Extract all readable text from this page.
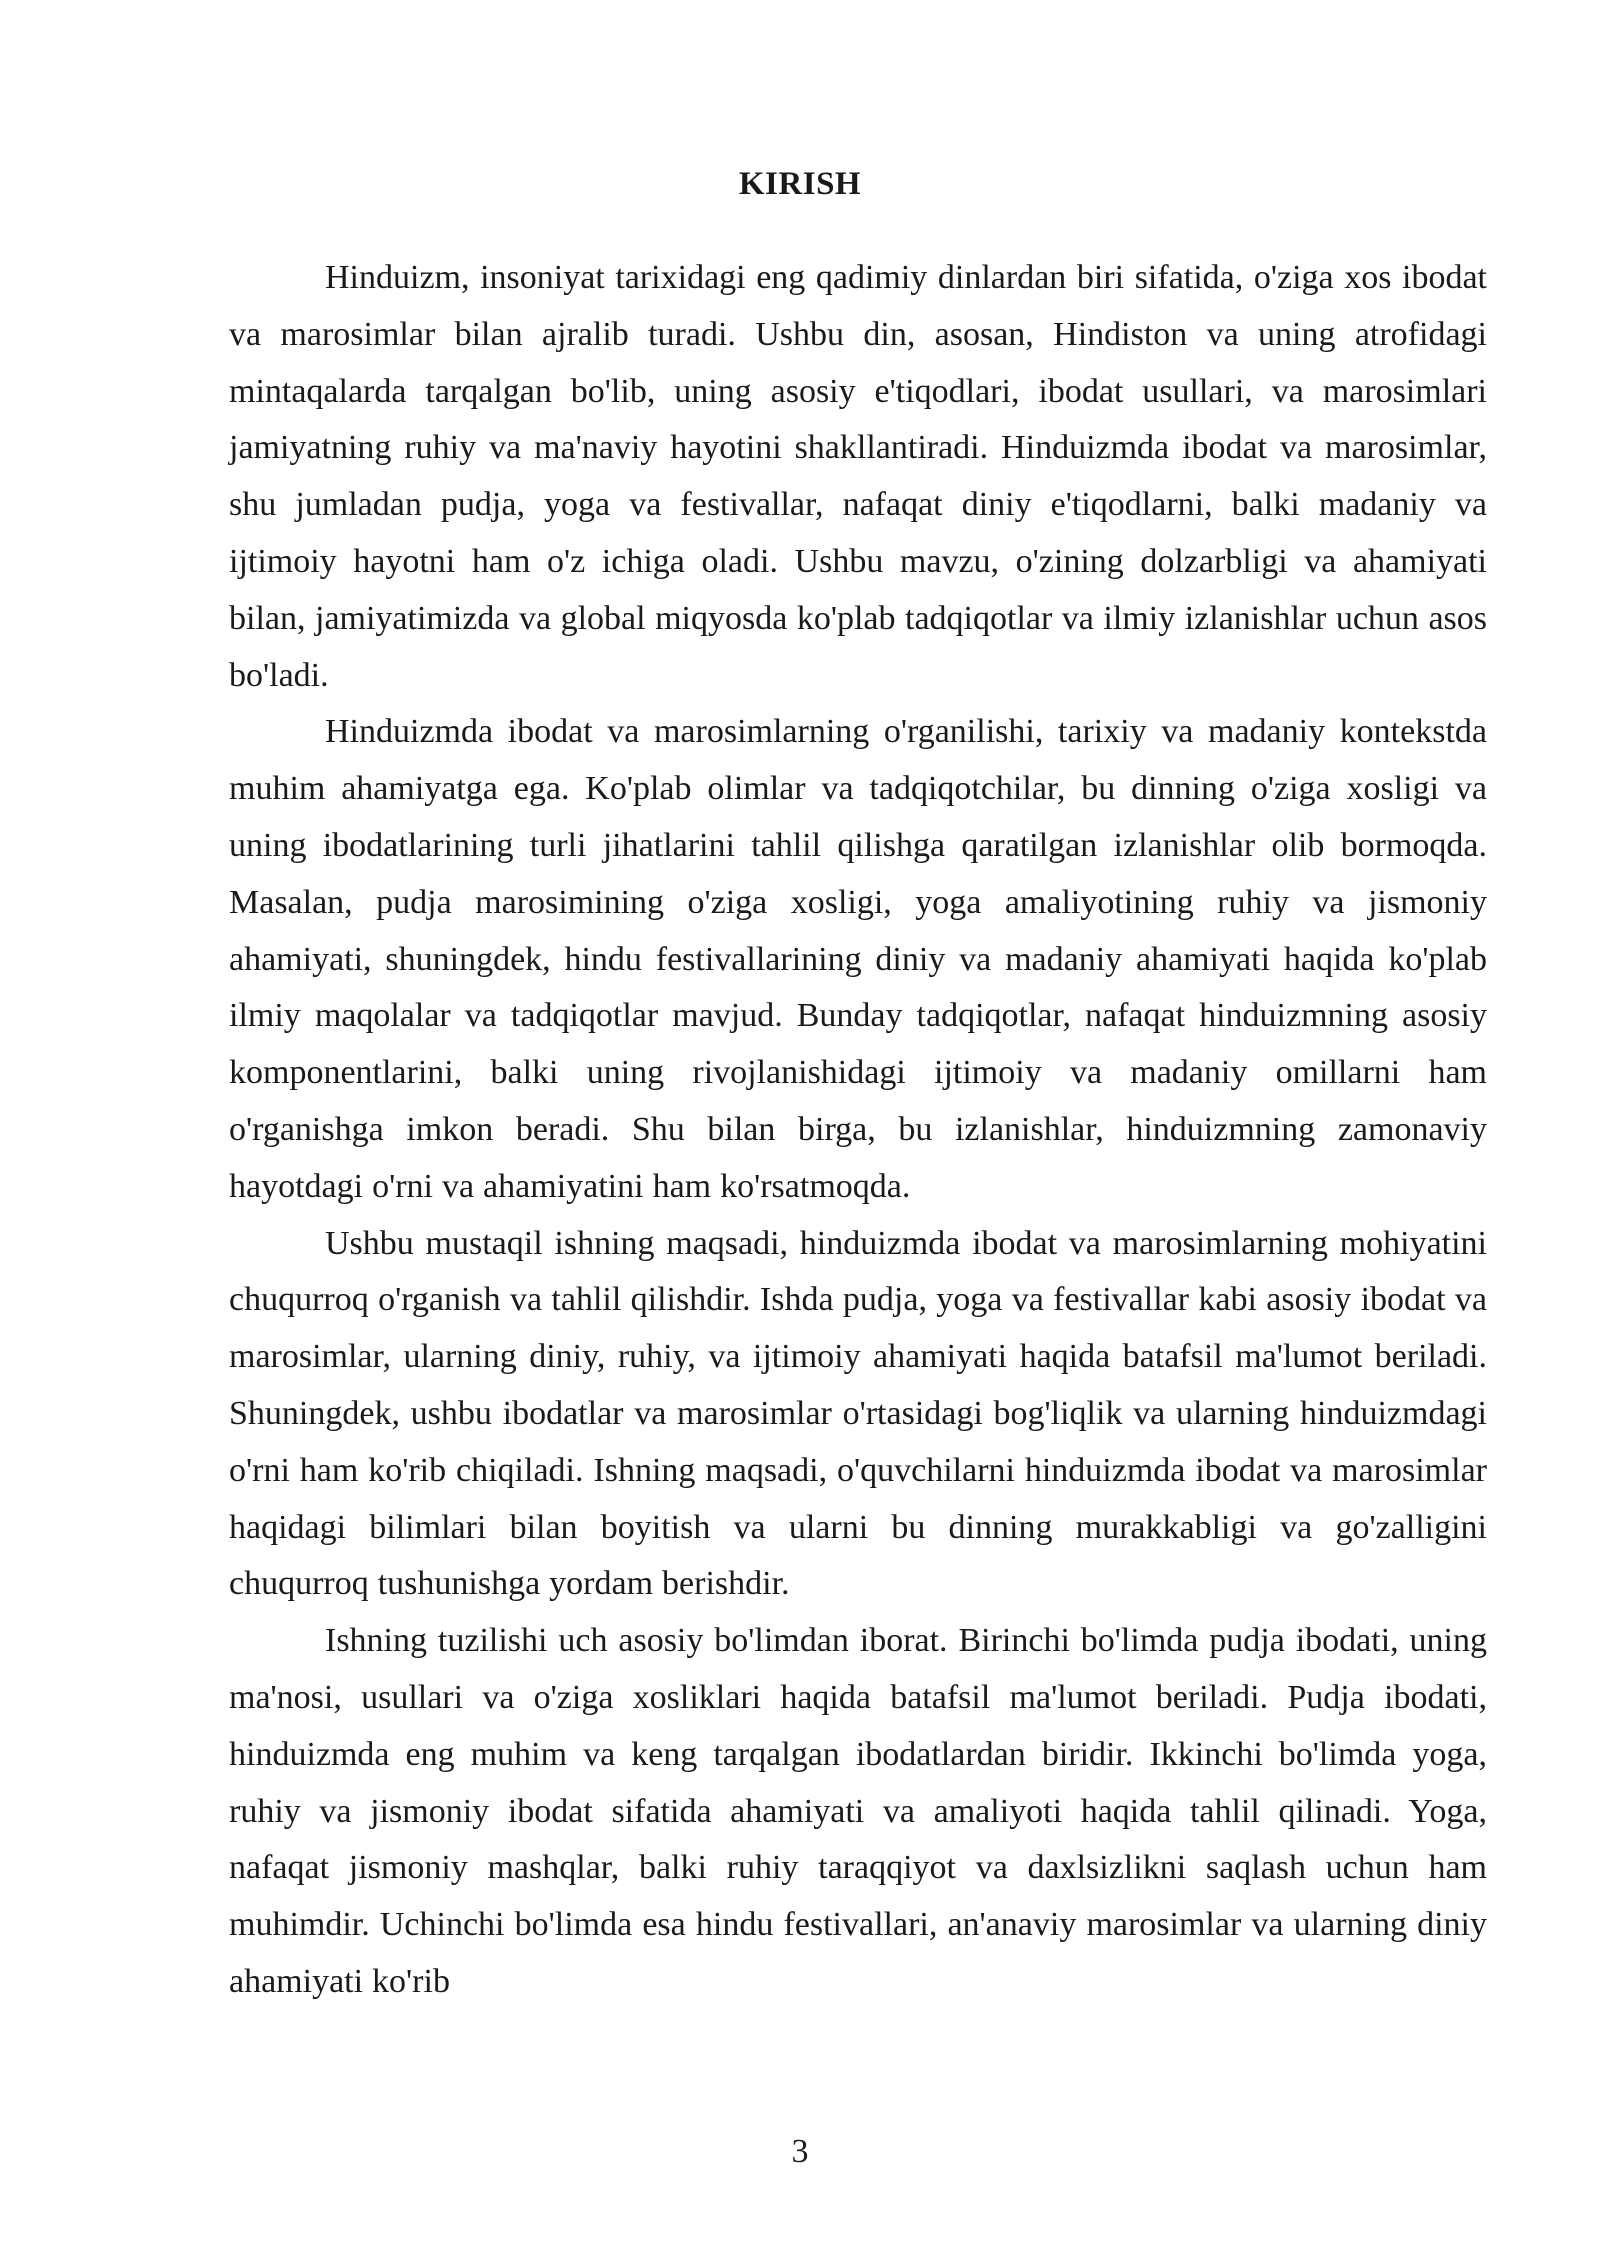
KIRISH

Hinduizm, insoniyat tarixidagi eng qadimiy dinlardan biri sifatida, o'ziga xos ibodat va marosimlar bilan ajralib turadi. Ushbu din, asosan, Hindiston va uning atrofidagi mintaqalarda tarqalgan bo'lib, uning asosiy e'tiqodlari, ibodat usullari, va marosimlari jamiyatning ruhiy va ma'naviy hayotini shakllantiradi. Hinduizmda ibodat va marosimlar, shu jumladan pudja, yoga va festivallar, nafaqat diniy e'tiqodlarni, balki madaniy va ijtimoiy hayotni ham o'z ichiga oladi. Ushbu mavzu, o'zining dolzarbligi va ahamiyati bilan, jamiyatimizda va global miqyosda ko'plab tadqiqotlar va ilmiy izlanishlar uchun asos bo'ladi.

Hinduizmda ibodat va marosimlarning o'rganilishi, tarixiy va madaniy kontekstda muhim ahamiyatga ega. Ko'plab olimlar va tadqiqotchilar, bu dinning o'ziga xosligi va uning ibodatlarining turli jihatlarini tahlil qilishga qaratilgan izlanishlar olib bormoqda. Masalan, pudja marosimining o'ziga xosligi, yoga amaliyotining ruhiy va jismoniy ahamiyati, shuningdek, hindu festivallarining diniy va madaniy ahamiyati haqida ko'plab ilmiy maqolalar va tadqiqotlar mavjud. Bunday tadqiqotlar, nafaqat hinduizmning asosiy komponentlarini, balki uning rivojlanishidagi ijtimoiy va madaniy omillarni ham o'rganishga imkon beradi. Shu bilan birga, bu izlanishlar, hinduizmning zamonaviy hayotdagi o'rni va ahamiyatini ham ko'rsatmoqda.

Ushbu mustaqil ishning maqsadi, hinduizmda ibodat va marosimlarning mohiyatini chuqurroq o'rganish va tahlil qilishdir. Ishda pudja, yoga va festivallar kabi asosiy ibodat va marosimlar, ularning diniy, ruhiy, va ijtimoiy ahamiyati haqida batafsil ma'lumot beriladi. Shuningdek, ushbu ibodatlar va marosimlar o'rtasidagi bog'liqlik va ularning hinduizmdagi o'rni ham ko'rib chiqiladi. Ishning maqsadi, o'quvchilarni hinduizmda ibodat va marosimlar haqidagi bilimlari bilan boyitish va ularni bu dinning murakkabligi va go'zalligini chuqurroq tushunishga yordam berishdir.

Ishning tuzilishi uch asosiy bo'limdan iborat. Birinchi bo'limda pudja ibodati, uning ma'nosi, usullari va o'ziga xosliklari haqida batafsil ma'lumot beriladi. Pudja ibodati, hinduizmda eng muhim va keng tarqalgan ibodatlardan biridir. Ikkinchi bo'limda yoga, ruhiy va jismoniy ibodat sifatida ahamiyati va amaliyoti haqida tahlil qilinadi. Yoga, nafaqat jismoniy mashqlar, balki ruhiy taraqqiyot va daxlsizlikni saqlash uchun ham muhimdir. Uchinchi bo'limda esa hindu festivallari, an'anaviy marosimlar va ularning diniy ahamiyati ko'rib

3
